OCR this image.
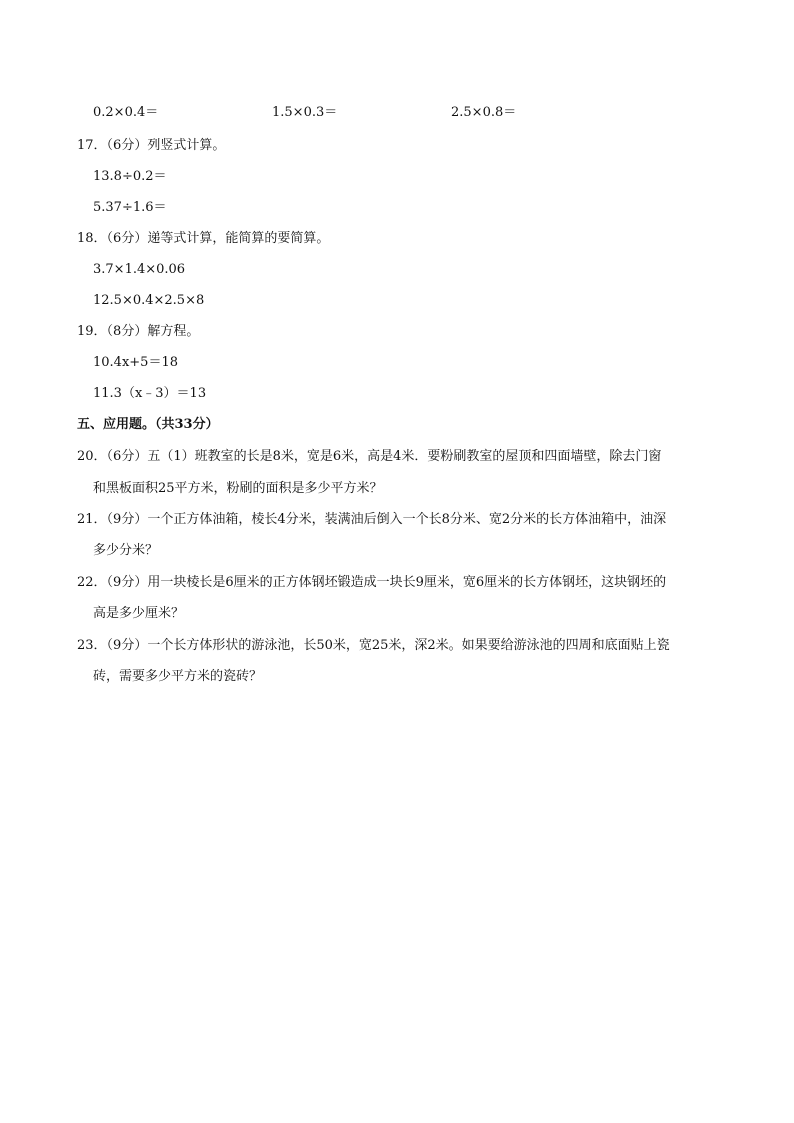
0.2×0.4＝	1.5×0.3＝	2.5×0.8＝
17．（6分）列竖式计算。
13.8÷0.2＝
5.37÷1.6＝
18．（6分）递等式计算，能简算的要简算。
3.7×1.4×0.06
12.5×0.4×2.5×8
19．（8分）解方程。
10.4x+5＝18
11.3（x﹣3）＝13
五、应用题。（共33分）
20．（6分）五（1）班教室的长是8米，宽是6米，高是4米．要粉刷教室的屋顶和四面墙壁，除去门窗
和黑板面积25平方米，粉刷的面积是多少平方米？
21．（9分）一个正方体油箱，棱长4分米，装满油后倒入一个长8分米、宽2分米的长方体油箱中，油深
多少分米？
22．（9分）用一块棱长是6厘米的正方体钢坯锻造成一块长9厘米，宽6厘米的长方体钢坯，这块钢坯的
高是多少厘米？
23．（9分）一个长方体形状的游泳池，长50米，宽25米，深2米。如果要给游泳池的四周和底面贴上瓷
砖，需要多少平方米的瓷砖？
